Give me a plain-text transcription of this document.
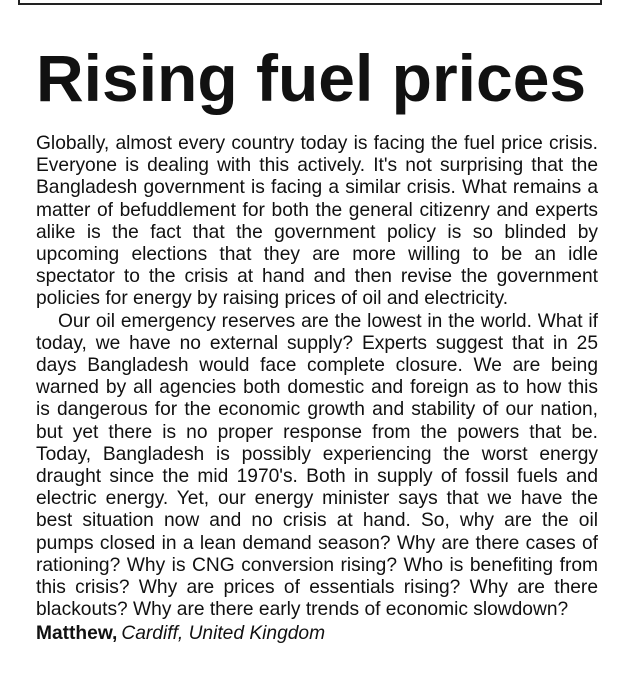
Rising fuel prices

Globally, almost every country today is facing the fuel price crisis. Everyone is dealing with this actively. It's not surprising that the Bangladesh government is facing a similar crisis. What remains a matter of befuddlement for both the general citizenry and experts alike is the fact that the government policy is so blinded by upcoming elections that they are more willing to be an idle spectator to the crisis at hand and then revise the government policies for energy by raising prices of oil and electricity.

Our oil emergency reserves are the lowest in the world. What if today, we have no external supply? Experts suggest that in 25 days Bangladesh would face complete closure. We are being warned by all agencies both domestic and foreign as to how this is dangerous for the economic growth and stability of our nation, but yet there is no proper response from the powers that be. Today, Bangladesh is possibly experiencing the worst energy draught since the mid 1970's. Both in supply of fossil fuels and electric energy. Yet, our energy minister says that we have the best situation now and no crisis at hand. So, why are the oil pumps closed in a lean demand season? Why are there cases of rationing? Why is CNG conversion rising? Who is benefiting from this crisis? Why are prices of essentials rising? Why are there blackouts? Why are there early trends of economic slowdown?

Matthew, Cardiff, United Kingdom
